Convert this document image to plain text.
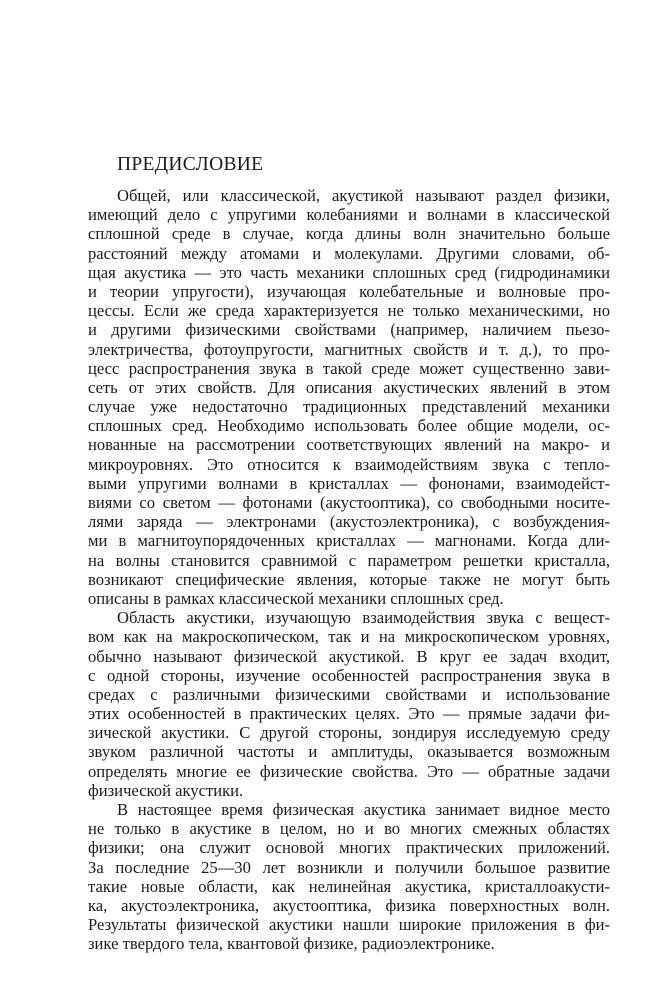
ПРЕДИСЛОВИЕ
Общей, или классической, акустикой называют раздел физики,
имеющий дело с упругими колебаниями и волнами в классической
сплошной среде в случае, когда длины волн значительно больше
расстояний между атомами и молекулами. Другими словами, об-
щая акустика — это часть механики сплошных сред (гидродинамики
и теории упругости), изучающая колебательные и волновые про-
цессы. Если же среда характеризуется не только механическими, но
и другими физическими свойствами (например, наличием пьезо-
электричества, фотоупругости, магнитных свойств и т. д.), то про-
цесс распространения звука в такой среде может существенно зави-
сеть от этих свойств. Для описания акустических явлений в этом
случае уже недостаточно традиционных представлений механики
сплошных сред. Необходимо использовать более общие модели, ос-
нованные на рассмотрении соответствующих явлений на макро- и
микроуровнях. Это относится к взаимодействиям звука с тепло-
выми упругими волнами в кристаллах — фононами, взаимодейст-
виями со светом — фотонами (акустооптика), со свободными носите-
лями заряда — электронами (акустоэлектроника), с возбуждения-
ми в магнитоупорядоченных кристаллах — магнонами. Когда дли-
на волны становится сравнимой с параметром решетки кристалла,
возникают специфические явления, которые также не могут быть
описаны в рамках классической механики сплошных сред.
Область акустики, изучающую взаимодействия звука с вещест-
вом как на макроскопическом, так и на микроскопическом уровнях,
обычно называют физической акустикой. В круг ее задач входит,
с одной стороны, изучение особенностей распространения звука в
средах с различными физическими свойствами и использование
этих особенностей в практических целях. Это — прямые задачи фи-
зической акустики. С другой стороны, зондируя исследуемую среду
звуком различной частоты и амплитуды, оказывается возможным
определять многие ее физические свойства. Это — обратные задачи
физической акустики.
В настоящее время физическая акустика занимает видное место
не только в акустике в целом, но и во многих смежных областях
физики; она служит основой многих практических приложений.
За последние 25—30 лет возникли и получили большое развитие
такие новые области, как нелинейная акустика, кристаллоакусти-
ка, акустоэлектроника, акустооптика, физика поверхностных волн.
Результаты физической акустики нашли широкие приложения в фи-
зике твердого тела, квантовой физике, радиоэлектронике.
